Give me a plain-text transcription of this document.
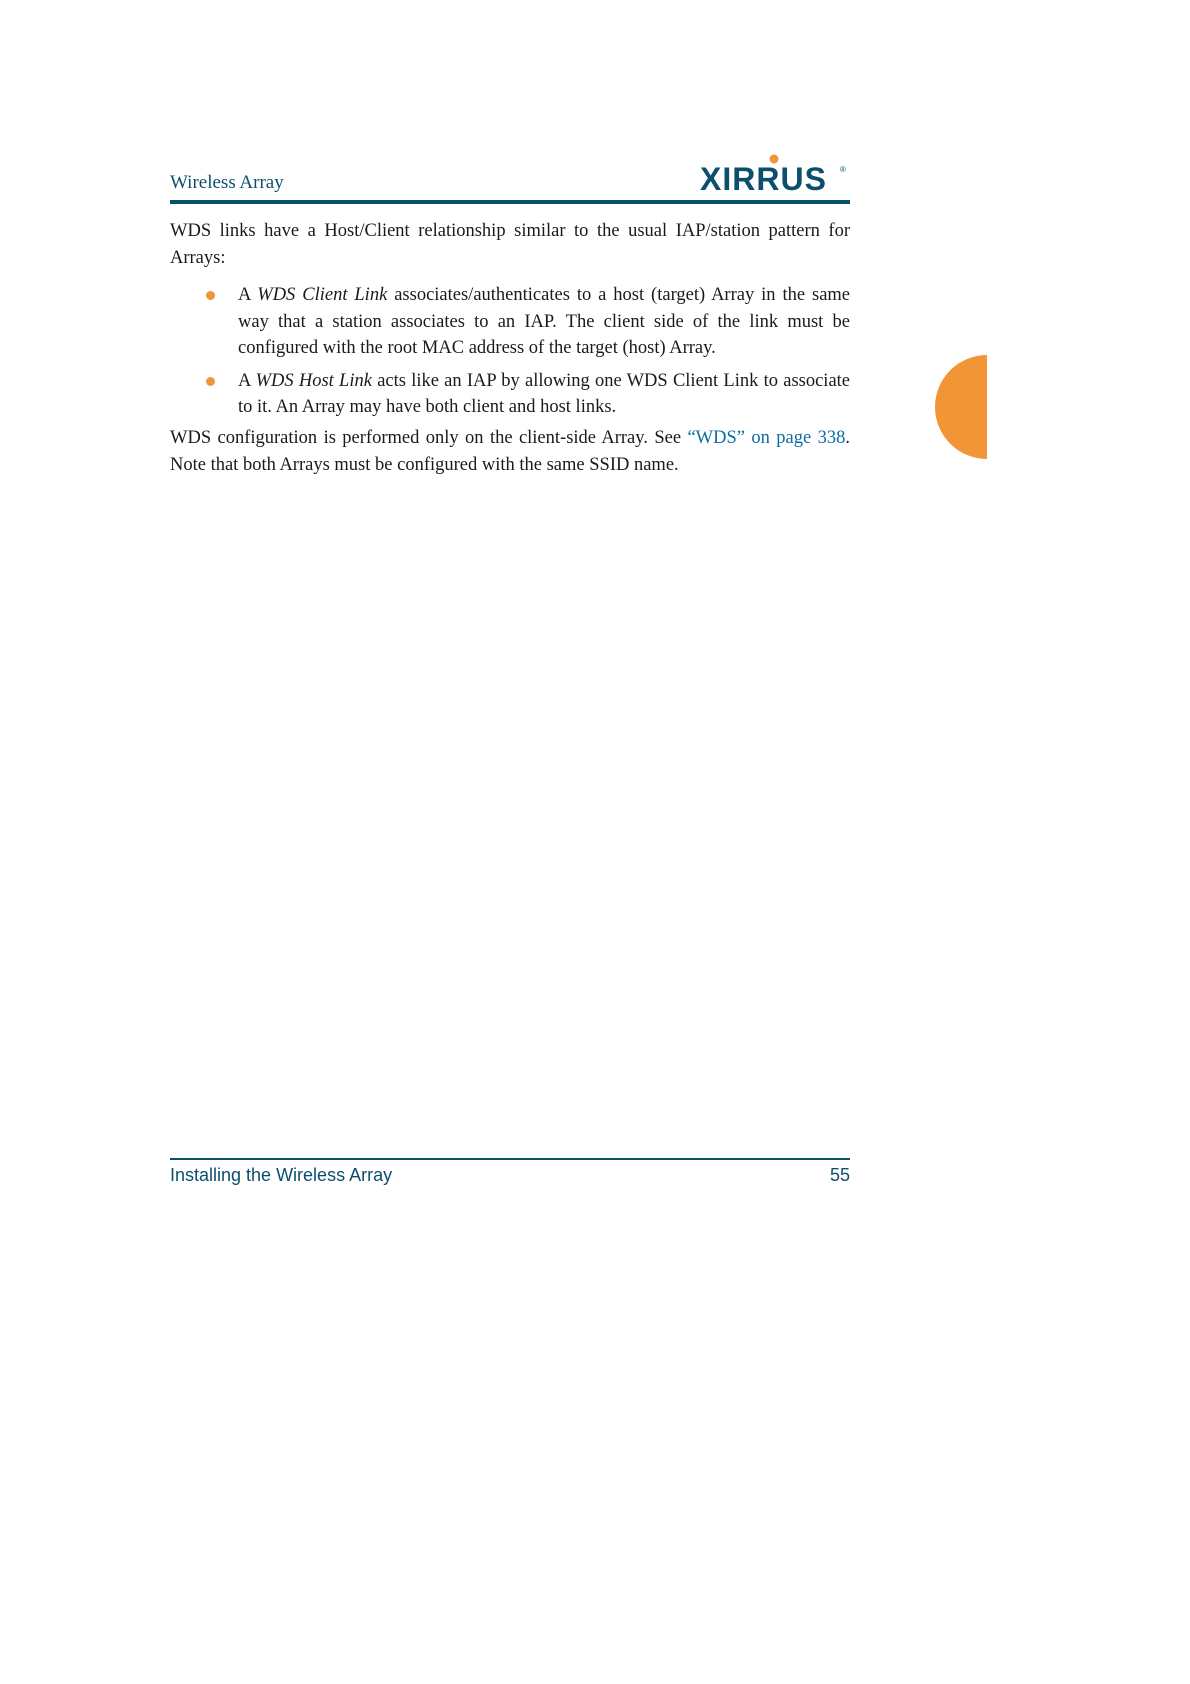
Wireless Array	XIRRUS ®

WDS links have a Host/Client relationship similar to the usual IAP/station pattern for Arrays:

A WDS Client Link associates/authenticates to a host (target) Array in the same way that a station associates to an IAP. The client side of the link must be configured with the root MAC address of the target (host) Array.
A WDS Host Link acts like an IAP by allowing one WDS Client Link to associate to it. An Array may have both client and host links.

WDS configuration is performed only on the client-side Array. See “WDS” on page 338. Note that both Arrays must be configured with the same SSID name.

Installing the Wireless Array	55
